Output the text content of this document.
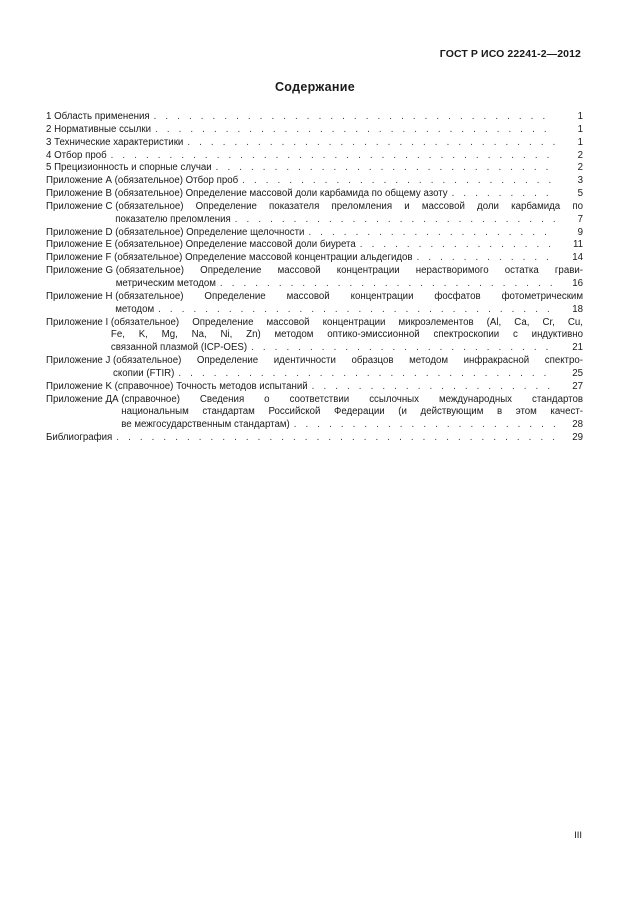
ГОСТ Р ИСО 22241-2—2012
Содержание
1 Область применения . . .	1
2 Нормативные ссылки . . .	1
3 Технические характеристики . . .	1
4 Отбор проб . . .	2
5 Прецизионность и спорные случаи . . .	2
Приложение А (обязательное) Отбор проб . . .	3
Приложение В (обязательное) Определение массовой доли карбамида по общему азоту . . .	5
Приложение С (обязательное) Определение показателя преломления и массовой доли карбамида по
показателю преломления . . .	7
Приложение D (обязательное) Определение щелочности . . .	9
Приложение Е (обязательное) Определение массовой доли биурета . . .	11
Приложение F (обязательное) Определение массовой концентрации альдегидов . . .	14
Приложение G (обязательное) Определение массовой концентрации нерастворимого остатка грави-
метрическим методом . . .	16
Приложение Н (обязательное) Определение массовой концентрации фосфатов фотометрическим
методом . . .	18
Приложение I (обязательное) Определение массовой концентрации микроэлементов (Al, Са, Cr, Сu,
Fe, K, Mg, Na, Ni, Zn) методом оптико-эмиссионной спектроскопии с индуктивно
связанной плазмой (ICP-OES) . . .	21
Приложение J (обязательное) Определение идентичности образцов методом инфракрасной спектро-
скопии (FTIR) . . .	25
Приложение K (справочное) Точность методов испытаний . . .	27
Приложение ДА (справочное) Сведения о соответствии ссылочных международных стандартов
национальным стандартам Российской Федерации (и действующим в этом качест-
ве межгосударственным стандартам) . . .	28
Библиография . . .	29
III
